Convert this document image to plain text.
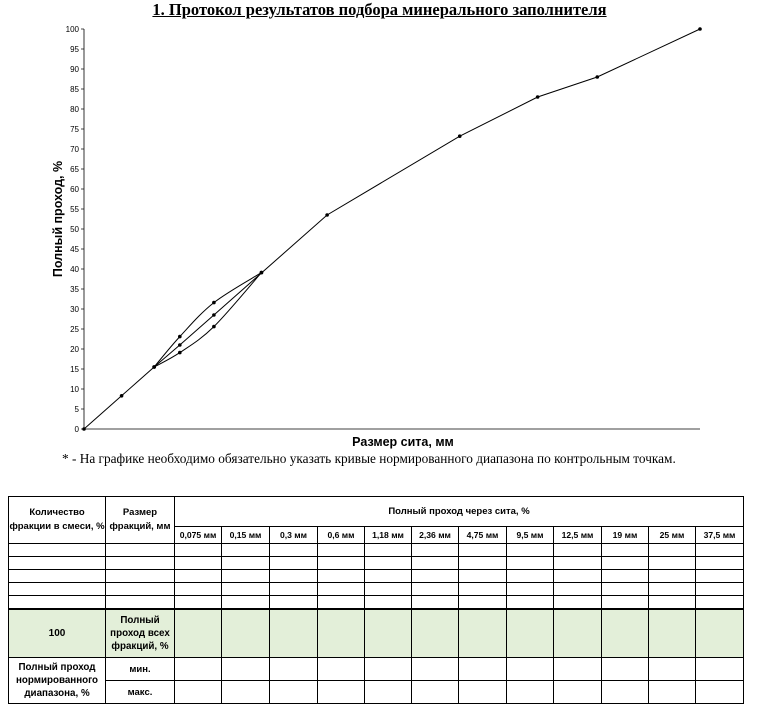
1. Протокол результатов подбора минерального заполнителя
0
5
10
15
20
25
30
35
40
45
50
55
60
65
70
75
80
85
90
95
100
Полный проход, %
Размер сита, мм
* - На графике необходимо обязательно указать кривые нормированного диапазона по контрольным точкам.
Количество фракции в смеси, %	Размер фракций, мм	Полный проход через сита, %											
		0,075 мм	0,15 мм	0,3 мм	0,6 мм	1,18 мм	2,36 мм	4,75 мм	9,5 мм	12,5 мм	19 мм	25 мм	37,5 мм

100	Полный проход всех фракций, %												
Полный проход нормированного диапазона, %	мин.												
	макс.												
